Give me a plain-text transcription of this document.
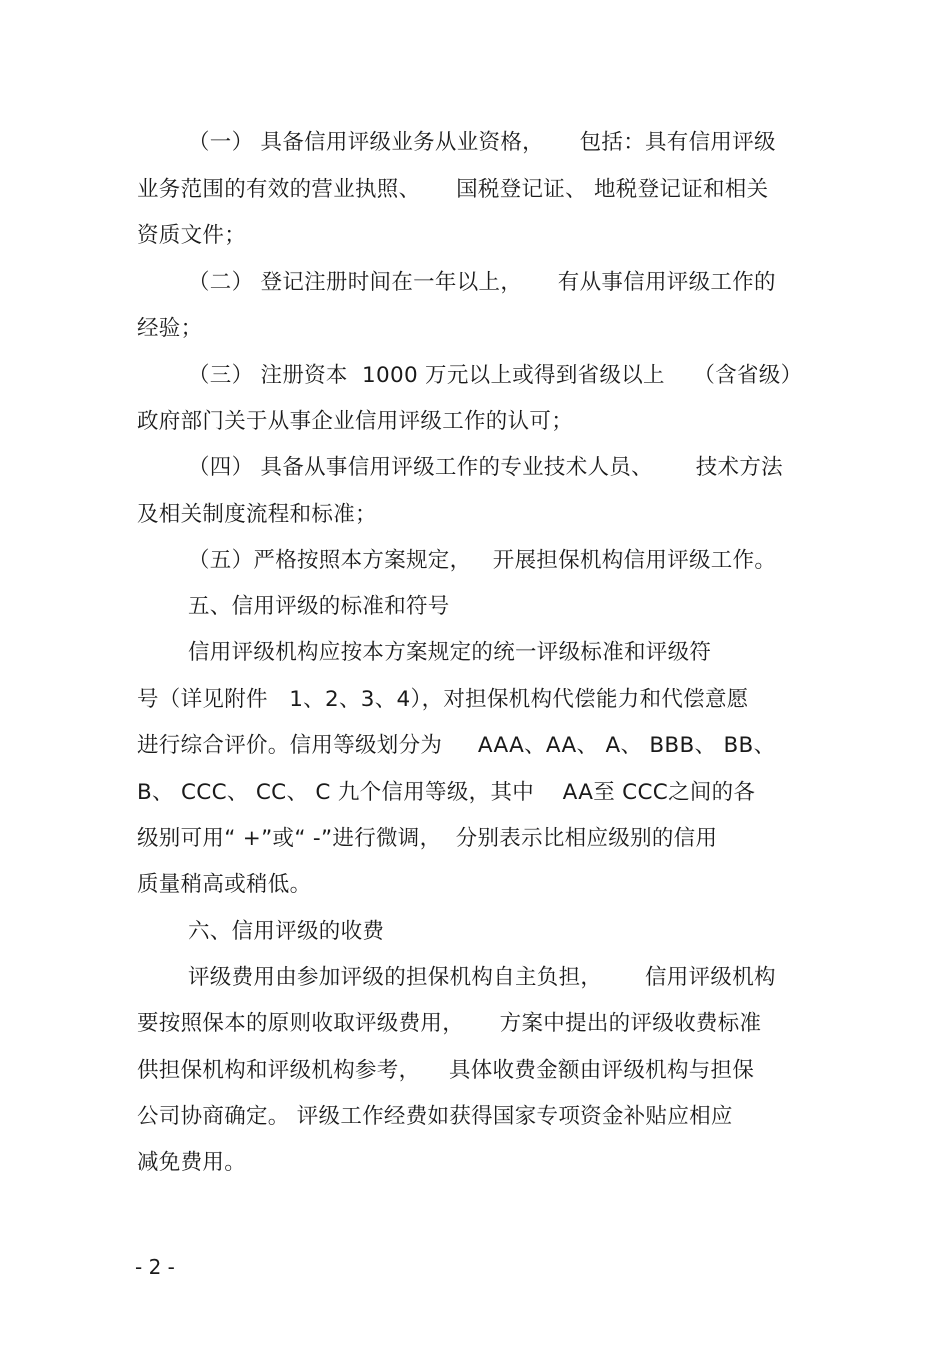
（一） 具备信用评级业务从业资格，     包括：具有信用评级
业务范围的有效的营业执照、     国税登记证、 地税登记证和相关
资质文件；
（二） 登记注册时间在一年以上，     有从事信用评级工作的
经验；
（三） 注册资本  1000 万元以上或得到省级以上    （含省级）
政府部门关于从事企业信用评级工作的认可；
（四） 具备从事信用评级工作的专业技术人员、      技术方法
及相关制度流程和标准；
（五）严格按照本方案规定，   开展担保机构信用评级工作。
五、信用评级的标准和符号
信用评级机构应按本方案规定的统一评级标准和评级符
号（详见附件   1、2、3、4），对担保机构代偿能力和代偿意愿
进行综合评价。信用等级划分为     AAA、AA、 A、 BBB、 BB、
B、 CCC、 CC、 C 九个信用等级，其中    AA至 CCC之间的各
级别可用“ +”或“ -”进行微调，  分别表示比相应级别的信用
质量稍高或稍低。
六、信用评级的收费
评级费用由参加评级的担保机构自主负担，      信用评级机构
要按照保本的原则收取评级费用，     方案中提出的评级收费标准
供担保机构和评级机构参考，    具体收费金额由评级机构与担保
公司协商确定。 评级工作经费如获得国家专项资金补贴应相应
减免费用。
- 2 -
